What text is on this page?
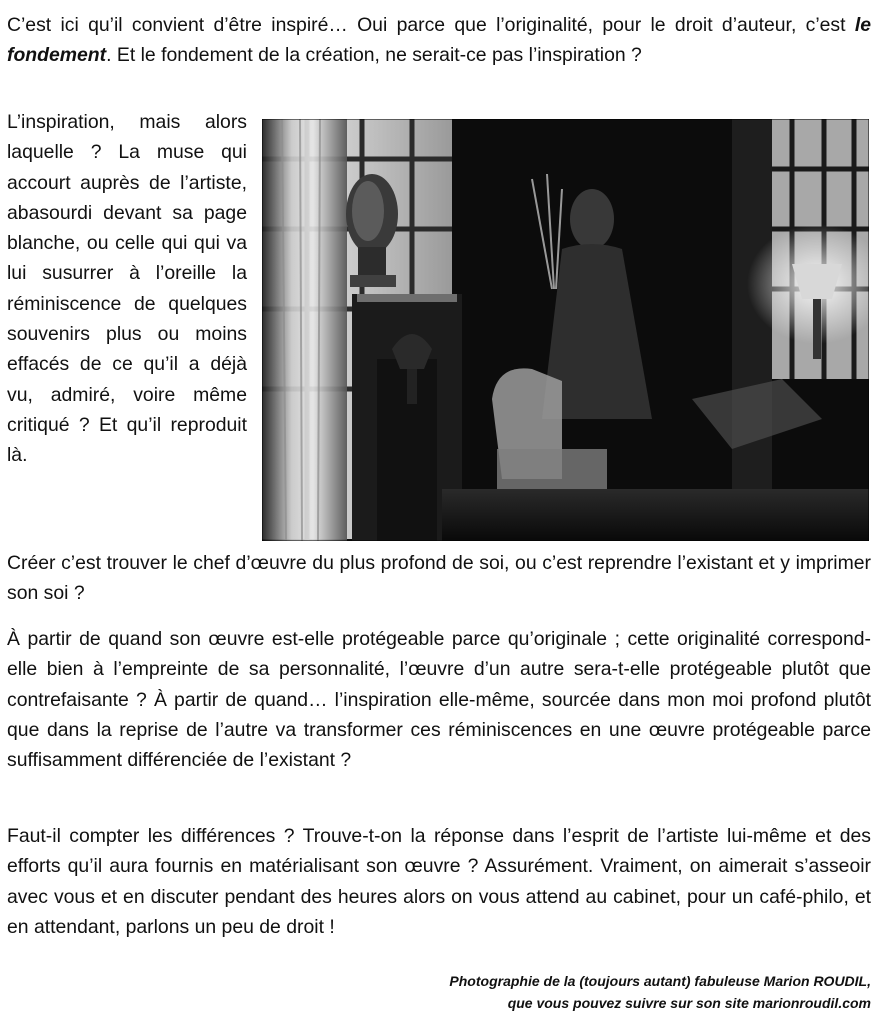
C’est ici qu’il convient d’être inspiré… Oui parce que l’originalité, pour le droit d’auteur, c’est le fondement. Et le fondement de la création, ne serait-ce pas l’inspiration ?

L’inspiration, mais alors laquelle ? La muse qui accourt auprès de l’artiste, abasourdi devant sa page blanche, ou celle qui qui va lui susurrer à l’oreille la réminiscence de quelques souvenirs plus ou moins effacés de ce qu’il a déjà vu, admiré, voire même critiqué ? Et qu’il reproduit là.

Créer c’est trouver le chef d’œuvre du plus profond de soi, ou c’est reprendre l’existant et y imprimer son soi ?

À partir de quand son œuvre est-elle protégeable parce qu’originale ; cette originalité correspond-elle bien à l’empreinte de sa personnalité, l’œuvre d’un autre sera-t-elle protégeable plutôt que contrefaisante ? À partir de quand… l’inspiration elle-même, sourcée dans mon moi profond plutôt que dans la reprise de l’autre va transformer ces réminiscences en une œuvre protégeable parce suffisamment différenciée de l’existant ?

Faut-il compter les différences ? Trouve-t-on la réponse dans l’esprit de l’artiste lui-même et des efforts qu’il aura fournis en matérialisant son œuvre ? Assurément. Vraiment, on aimerait s’asseoir avec vous et en discuter pendant des heures alors on vous attend au cabinet, pour un café-philo, et en attendant, parlons un peu de droit !

Photographie de la (toujours autant) fabuleuse Marion ROUDIL,
que vous pouvez suivre sur son site marionroudil.com
